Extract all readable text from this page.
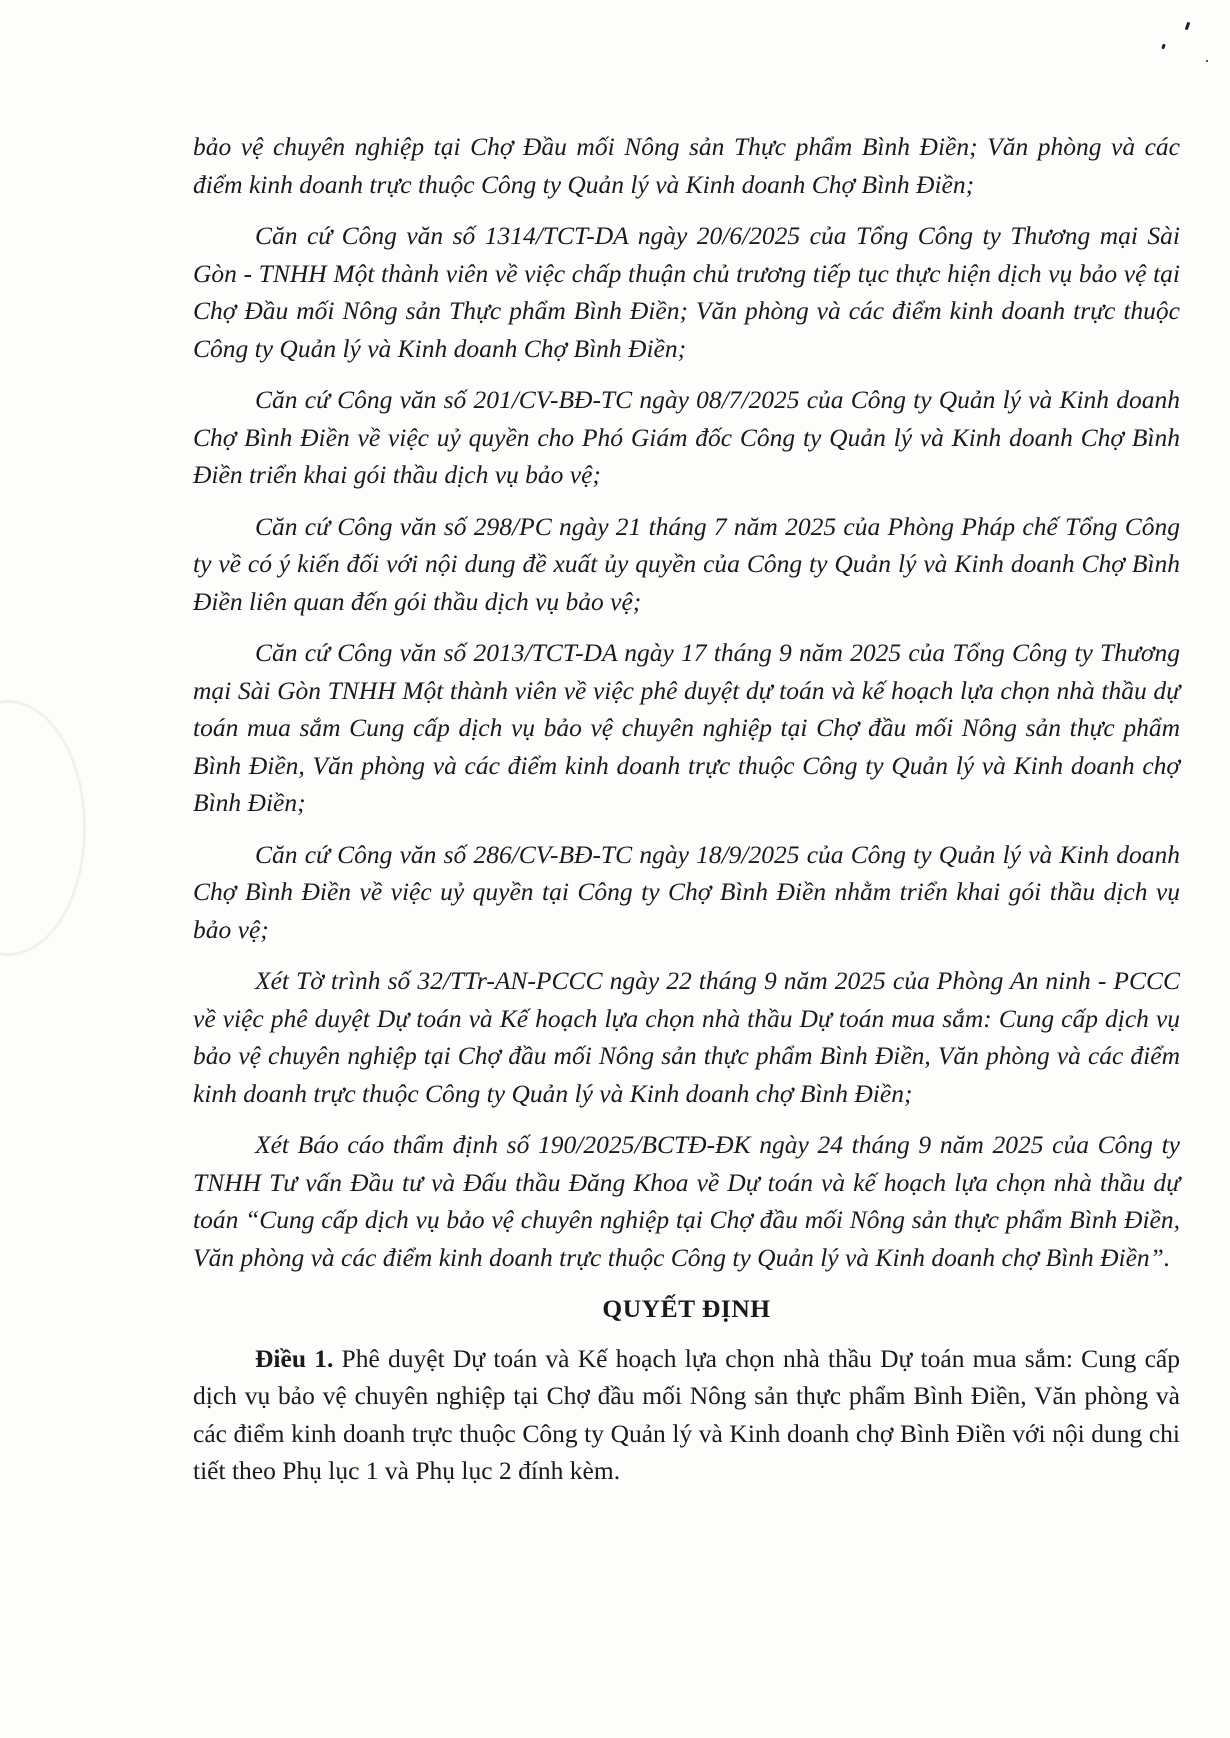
bảo vệ chuyên nghiệp tại Chợ Đầu mối Nông sản Thực phẩm Bình Điền; Văn phòng và các điểm kinh doanh trực thuộc Công ty Quản lý và Kinh doanh Chợ Bình Điền;

Căn cứ Công văn số 1314/TCT-DA ngày 20/6/2025 của Tổng Công ty Thương mại Sài Gòn - TNHH Một thành viên về việc chấp thuận chủ trương tiếp tục thực hiện dịch vụ bảo vệ tại Chợ Đầu mối Nông sản Thực phẩm Bình Điền; Văn phòng và các điểm kinh doanh trực thuộc Công ty Quản lý và Kinh doanh Chợ Bình Điền;

Căn cứ Công văn số 201/CV-BĐ-TC ngày 08/7/2025 của Công ty Quản lý và Kinh doanh Chợ Bình Điền về việc uỷ quyền cho Phó Giám đốc Công ty Quản lý và Kinh doanh Chợ Bình Điền triển khai gói thầu dịch vụ bảo vệ;

Căn cứ Công văn số 298/PC ngày 21 tháng 7 năm 2025 của Phòng Pháp chế Tổng Công ty về có ý kiến đối với nội dung đề xuất ủy quyền của Công ty Quản lý và Kinh doanh Chợ Bình Điền liên quan đến gói thầu dịch vụ bảo vệ;

Căn cứ Công văn số 2013/TCT-DA ngày 17 tháng 9 năm 2025 của Tổng Công ty Thương mại Sài Gòn TNHH Một thành viên về việc phê duyệt dự toán và kế hoạch lựa chọn nhà thầu dự toán mua sắm Cung cấp dịch vụ bảo vệ chuyên nghiệp tại Chợ đầu mối Nông sản thực phẩm Bình Điền, Văn phòng và các điểm kinh doanh trực thuộc Công ty Quản lý và Kinh doanh chợ Bình Điền;

Căn cứ Công văn số 286/CV-BĐ-TC ngày 18/9/2025 của Công ty Quản lý và Kinh doanh Chợ Bình Điền về việc uỷ quyền tại Công ty Chợ Bình Điền nhằm triển khai gói thầu dịch vụ bảo vệ;

Xét Tờ trình số 32/TTr-AN-PCCC ngày 22 tháng 9 năm 2025 của Phòng An ninh - PCCC về việc phê duyệt Dự toán và Kế hoạch lựa chọn nhà thầu Dự toán mua sắm: Cung cấp dịch vụ bảo vệ chuyên nghiệp tại Chợ đầu mối Nông sản thực phẩm Bình Điền, Văn phòng và các điểm kinh doanh trực thuộc Công ty Quản lý và Kinh doanh chợ Bình Điền;

Xét Báo cáo thẩm định số 190/2025/BCTĐ-ĐK ngày 24 tháng 9 năm 2025 của Công ty TNHH Tư vấn Đầu tư và Đấu thầu Đăng Khoa về Dự toán và kế hoạch lựa chọn nhà thầu dự toán “Cung cấp dịch vụ bảo vệ chuyên nghiệp tại Chợ đầu mối Nông sản thực phẩm Bình Điền, Văn phòng và các điểm kinh doanh trực thuộc Công ty Quản lý và Kinh doanh chợ Bình Điền”.

QUYẾT ĐỊNH

Điều 1. Phê duyệt Dự toán và Kế hoạch lựa chọn nhà thầu Dự toán mua sắm: Cung cấp dịch vụ bảo vệ chuyên nghiệp tại Chợ đầu mối Nông sản thực phẩm Bình Điền, Văn phòng và các điểm kinh doanh trực thuộc Công ty Quản lý và Kinh doanh chợ Bình Điền với nội dung chi tiết theo Phụ lục 1 và Phụ lục 2 đính kèm.
